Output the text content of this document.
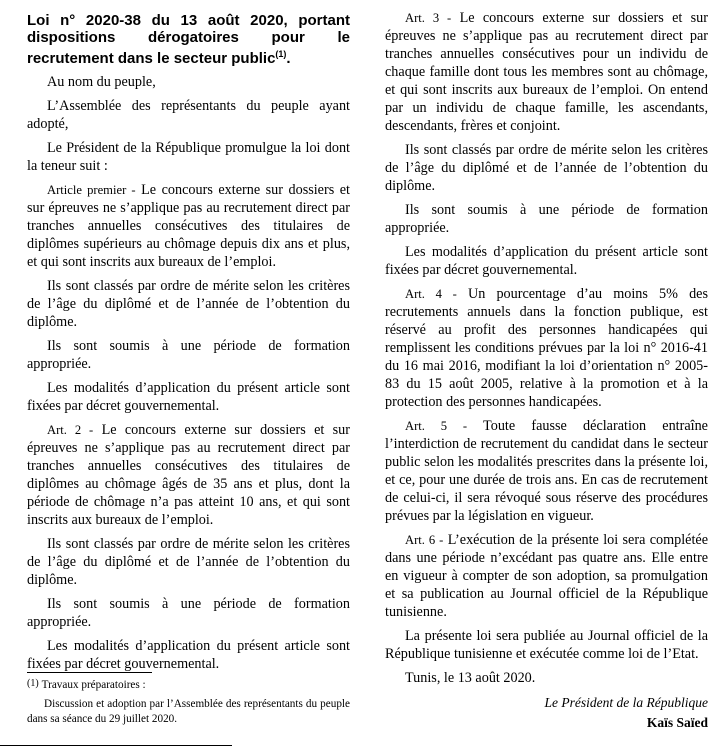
Loi n° 2020-38 du 13 août 2020, portant dispositions dérogatoires pour le recrutement dans le secteur public$^{(1)}$.

Au nom du peuple,

L’Assemblée des représentants du peuple ayant adopté,

Le Président de la République promulgue la loi dont la teneur suit :

Article premier - Le concours externe sur dossiers et sur épreuves ne s’applique pas au recrutement direct par tranches annuelles consécutives des titulaires de diplômes supérieurs au chômage depuis dix ans et plus, et qui sont inscrits aux bureaux de l’emploi.

Ils sont classés par ordre de mérite selon les critères de l’âge du diplômé et de l’année de l’obtention du diplôme.

Ils sont soumis à une période de formation appropriée.

Les modalités d’application du présent article sont fixées par décret gouvernemental.

Art. 2 - Le concours externe sur dossiers et sur épreuves ne s’applique pas au recrutement direct par tranches annuelles consécutives des titulaires de diplômes au chômage âgés de 35 ans et plus, dont la période de chômage n’a pas atteint 10 ans, et qui sont inscrits aux bureaux de l’emploi.

Ils sont classés par ordre de mérite selon les critères de l’âge du diplômé et de l’année de l’obtention du diplôme.

Ils sont soumis à une période de formation appropriée.

Les modalités d’application du présent article sont fixées par décret gouvernemental.

(1) Travaux préparatoires :

Discussion et adoption par l’Assemblée des représentants du peuple dans sa séance du 29 juillet 2020.

Art. 3 - Le concours externe sur dossiers et sur épreuves ne s’applique pas au recrutement direct par tranches annuelles consécutives pour un individu de chaque famille dont tous les membres sont au chômage, et qui sont inscrits aux bureaux de l’emploi. On entend par un individu de chaque famille, les ascendants, descendants, frères et conjoint.

Ils sont classés par ordre de mérite selon les critères de l’âge du diplômé et de l’année de l’obtention du diplôme.

Ils sont soumis à une période de formation appropriée.

Les modalités d’application du présent article sont fixées par décret gouvernemental.

Art. 4 - Un pourcentage d’au moins 5% des recrutements annuels dans la fonction publique, est réservé au profit des personnes handicapées qui remplissent les conditions prévues par la loi n° 2016-41 du 16 mai 2016, modifiant la loi d’orientation n° 2005-83 du 15 août 2005, relative à la promotion et à la protection des personnes handicapées.

Art. 5 - Toute fausse déclaration entraîne l’interdiction de recrutement du candidat dans le secteur public selon les modalités prescrites dans la présente loi, et ce, pour une durée de trois ans. En cas de recrutement de celui-ci, il sera révoqué sous réserve des procédures prévues par la législation en vigueur.

Art. 6 - L’exécution de la présente loi sera complétée dans une période n’excédant pas quatre ans. Elle entre en vigueur à compter de son adoption, sa promulgation et sa publication au Journal officiel de la République tunisienne.

La présente loi sera publiée au Journal officiel de la République tunisienne et exécutée comme loi de l’Etat.

Tunis, le 13 août 2020.

Le Président de la République

Kaïs Saïed
